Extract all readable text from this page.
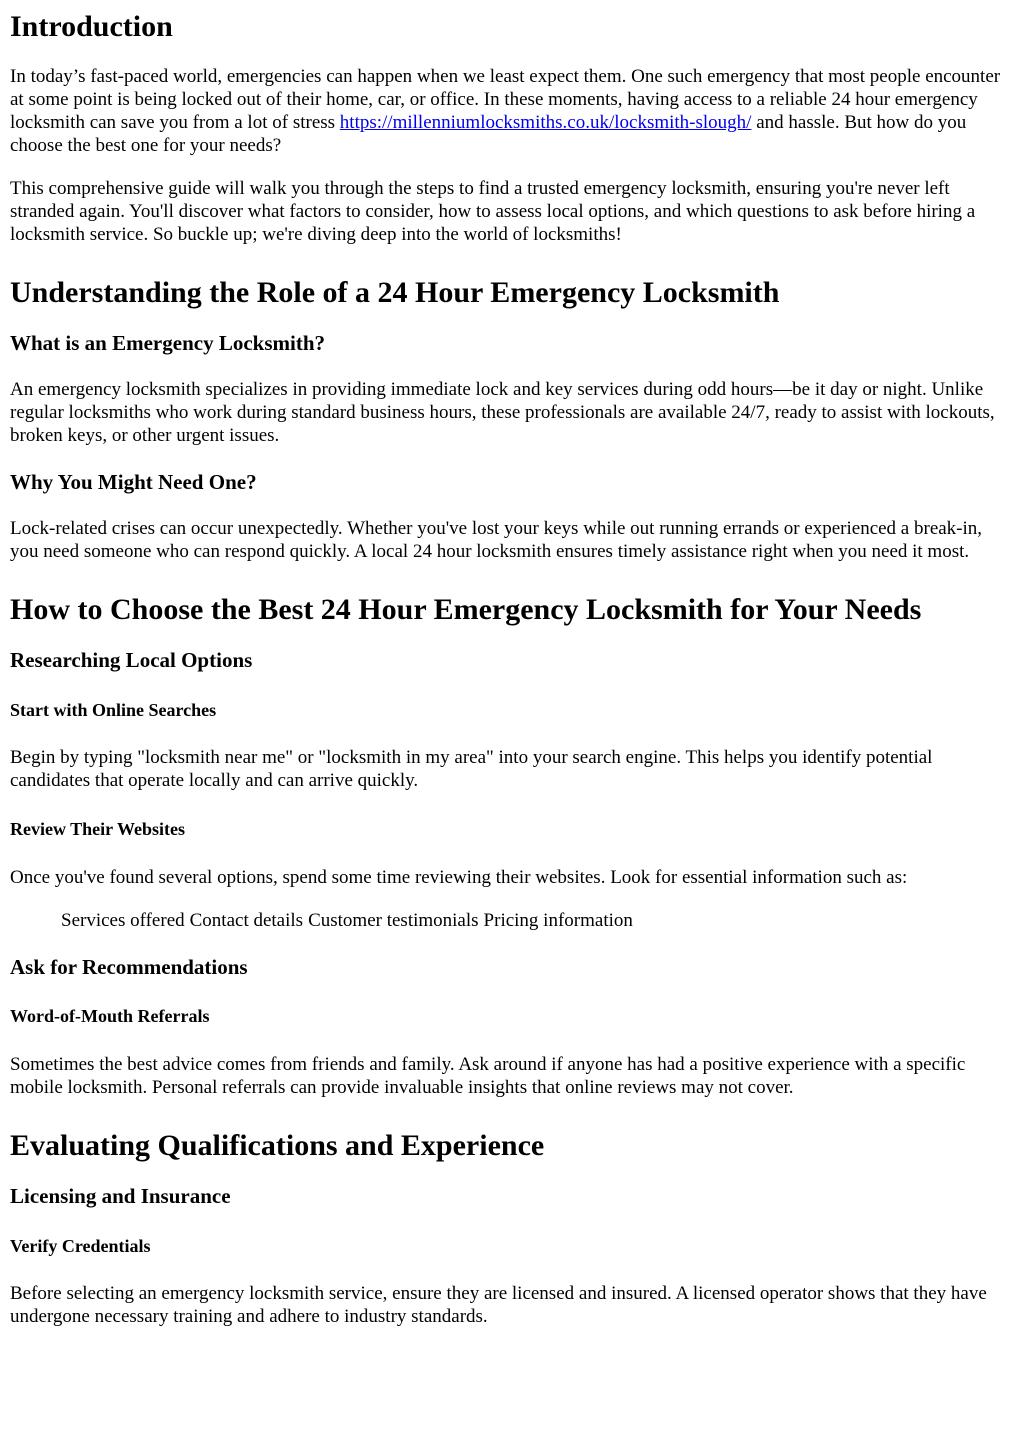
Introduction

In today’s fast-paced world, emergencies can happen when we least expect them. One such emergency that most people encounter at some point is being locked out of their home, car, or office. In these moments, having access to a reliable 24 hour emergency locksmith can save you from a lot of stress https://millenniumlocksmiths.co.uk/locksmith-slough/ and hassle. But how do you choose the best one for your needs?

This comprehensive guide will walk you through the steps to find a trusted emergency locksmith, ensuring you're never left stranded again. You'll discover what factors to consider, how to assess local options, and which questions to ask before hiring a locksmith service. So buckle up; we're diving deep into the world of locksmiths!

Understanding the Role of a 24 Hour Emergency Locksmith
What is an Emergency Locksmith?

An emergency locksmith specializes in providing immediate lock and key services during odd hours—be it day or night. Unlike regular locksmiths who work during standard business hours, these professionals are available 24/7, ready to assist with lockouts, broken keys, or other urgent issues.

Why You Might Need One?

Lock-related crises can occur unexpectedly. Whether you've lost your keys while out running errands or experienced a break-in, you need someone who can respond quickly. A local 24 hour locksmith ensures timely assistance right when you need it most.

How to Choose the Best 24 Hour Emergency Locksmith for Your Needs
Researching Local Options
Start with Online Searches

Begin by typing "locksmith near me" or "locksmith in my area" into your search engine. This helps you identify potential candidates that operate locally and can arrive quickly.

Review Their Websites

Once you've found several options, spend some time reviewing their websites. Look for essential information such as:

Services offered Contact details Customer testimonials Pricing information
Ask for Recommendations
Word-of-Mouth Referrals

Sometimes the best advice comes from friends and family. Ask around if anyone has had a positive experience with a specific mobile locksmith. Personal referrals can provide invaluable insights that online reviews may not cover.

Evaluating Qualifications and Experience
Licensing and Insurance
Verify Credentials

Before selecting an emergency locksmith service, ensure they are licensed and insured. A licensed operator shows that they have undergone necessary training and adhere to industry standards.
